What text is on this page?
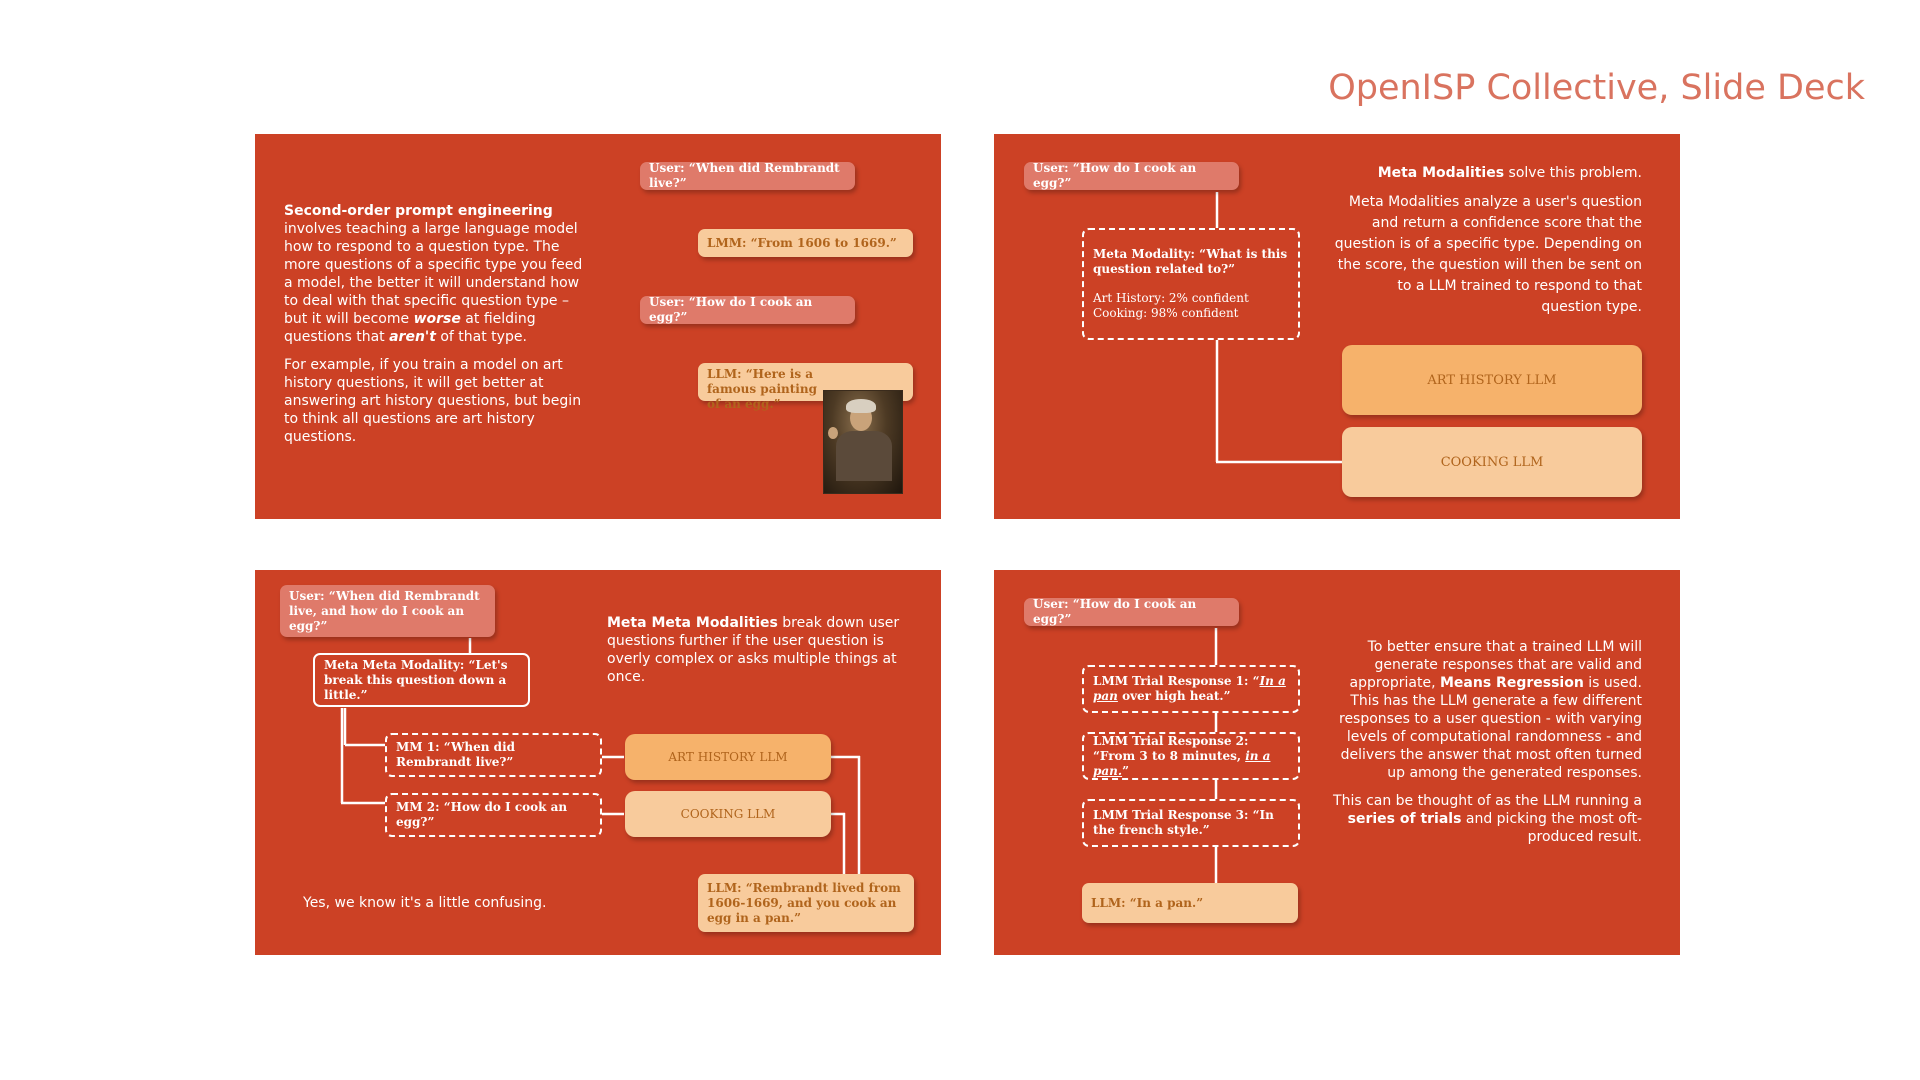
OpenISP Collective, Slide Deck

Second-order prompt engineering involves teaching a large language model how to respond to a question type. The more questions of a specific type you feed a model, the better it will understand how to deal with that specific question type – but it will become worse at fielding questions that aren't of that type.

For example, if you train a model on art history questions, it will get better at answering art history questions, but begin to think all questions are art history questions.

User: “When did Rembrandt live?”
LMM: “From 1606 to 1669.”
User: “How do I cook an egg?”
LLM: “Here is a famous painting of an egg.”
User: “How do I cook an egg?”
Meta Modality: “What is this question related to?”
Art History: 2% confident
Cooking: 98% confident

Meta Modalities solve this problem.

Meta Modalities analyze a user's question and return a confidence score that the question is of a specific type. Depending on the score, the question will then be sent on to a LLM trained to respond to that question type.

ART HISTORY LLM
COOKING LLM
User: “When did Rembrandt live, and how do I cook an egg?”
Meta Meta Modality: “Let's break this question down a little.”
MM 1: “When did Rembrandt live?”
MM 2: “How do I cook an egg?”
ART HISTORY LLM
COOKING LLM
LLM: “Rembrandt lived from 1606-1669, and you cook an egg in a pan.”

Meta Meta Modalities break down user questions further if the user question is overly complex or asks multiple things at once.

Yes, we know it's a little confusing.
User: “How do I cook an egg?”
LMM Trial Response 1: “In a pan over high heat.”
LMM Trial Response 2: “From 3 to 8 minutes, in a pan.”
LMM Trial Response 3: “In the french style.”
LLM: “In a pan.”

To better ensure that a trained LLM will generate responses that are valid and appropriate, Means Regression is used. This has the LLM generate a few different responses to a user question - with varying levels of computational randomness - and delivers the answer that most often turned up among the generated responses.

This can be thought of as the LLM running a series of trials and picking the most oft-produced result.
